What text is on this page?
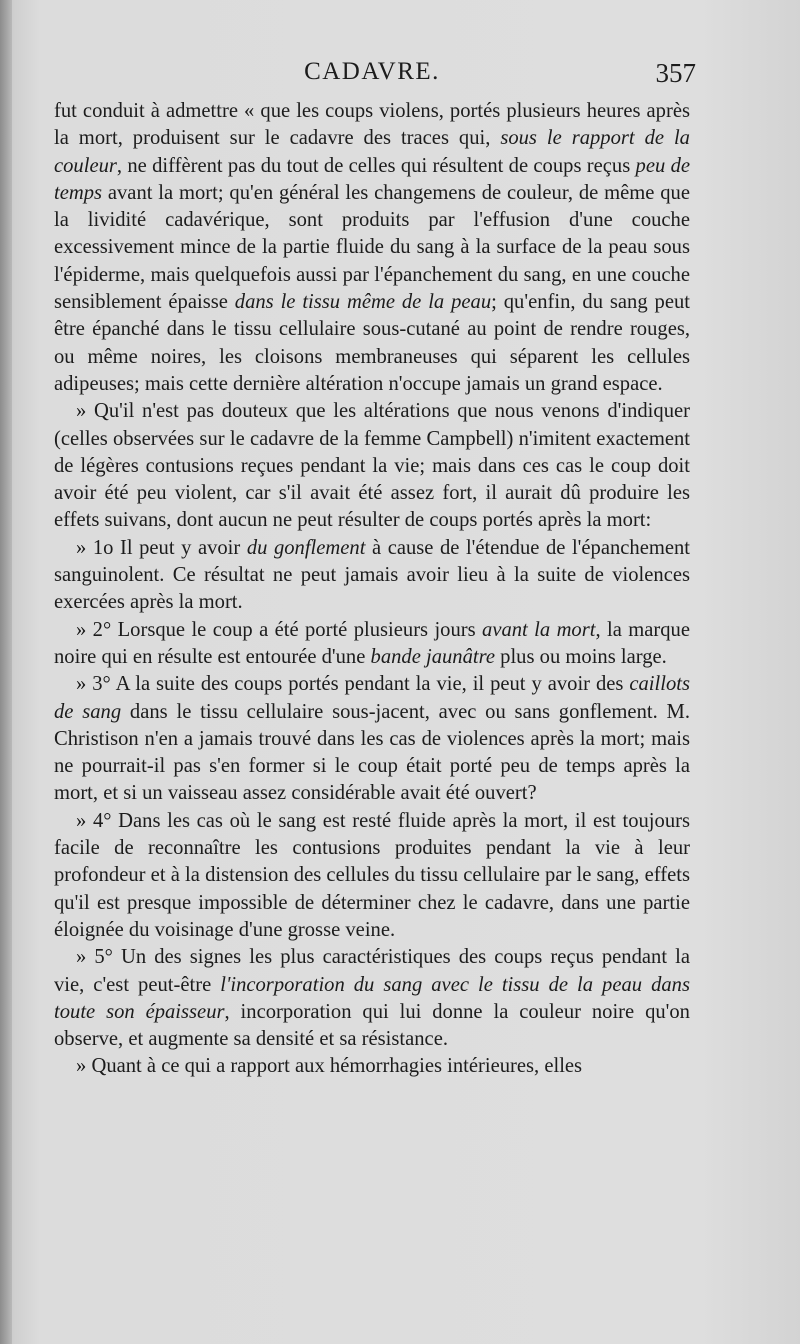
CADAVRE.	357

fut conduit à admettre « que les coups violens, portés plusieurs heures après la mort, produisent sur le cadavre des traces qui, sous le rapport de la couleur, ne diffèrent pas du tout de celles qui résultent de coups reçus peu de temps avant la mort; qu'en général les changemens de couleur, de même que la lividité cadavérique, sont produits par l'effusion d'une couche excessivement mince de la partie fluide du sang à la surface de la peau sous l'épiderme, mais quelquefois aussi par l'épanchement du sang, en une couche sensiblement épaisse dans le tissu même de la peau; qu'enfin, du sang peut être épanché dans le tissu cellulaire sous-cutané au point de rendre rouges, ou même noires, les cloisons membraneuses qui séparent les cellules adipeuses; mais cette dernière altération n'occupe jamais un grand espace.

» Qu'il n'est pas douteux que les altérations que nous venons d'indiquer (celles observées sur le cadavre de la femme Campbell) n'imitent exactement de légères contusions reçues pendant la vie; mais dans ces cas le coup doit avoir été peu violent, car s'il avait été assez fort, il aurait dû produire les effets suivans, dont aucun ne peut résulter de coups portés après la mort:

» 1o Il peut y avoir du gonflement à cause de l'étendue de l'épanchement sanguinolent. Ce résultat ne peut jamais avoir lieu à la suite de violences exercées après la mort.

» 2° Lorsque le coup a été porté plusieurs jours avant la mort, la marque noire qui en résulte est entourée d'une bande jaunâtre plus ou moins large.

» 3° A la suite des coups portés pendant la vie, il peut y avoir des caillots de sang dans le tissu cellulaire sous-jacent, avec ou sans gonflement. M. Christison n'en a jamais trouvé dans les cas de violences après la mort; mais ne pourrait-il pas s'en former si le coup était porté peu de temps après la mort, et si un vaisseau assez considérable avait été ouvert?

» 4° Dans les cas où le sang est resté fluide après la mort, il est toujours facile de reconnaître les contusions produites pendant la vie à leur profondeur et à la distension des cellules du tissu cellulaire par le sang, effets qu'il est presque impossible de déterminer chez le cadavre, dans une partie éloignée du voisinage d'une grosse veine.

» 5° Un des signes les plus caractéristiques des coups reçus pendant la vie, c'est peut-être l'incorporation du sang avec le tissu de la peau dans toute son épaisseur, incorporation qui lui donne la couleur noire qu'on observe, et augmente sa densité et sa résistance.

» Quant à ce qui a rapport aux hémorrhagies intérieures, elles
